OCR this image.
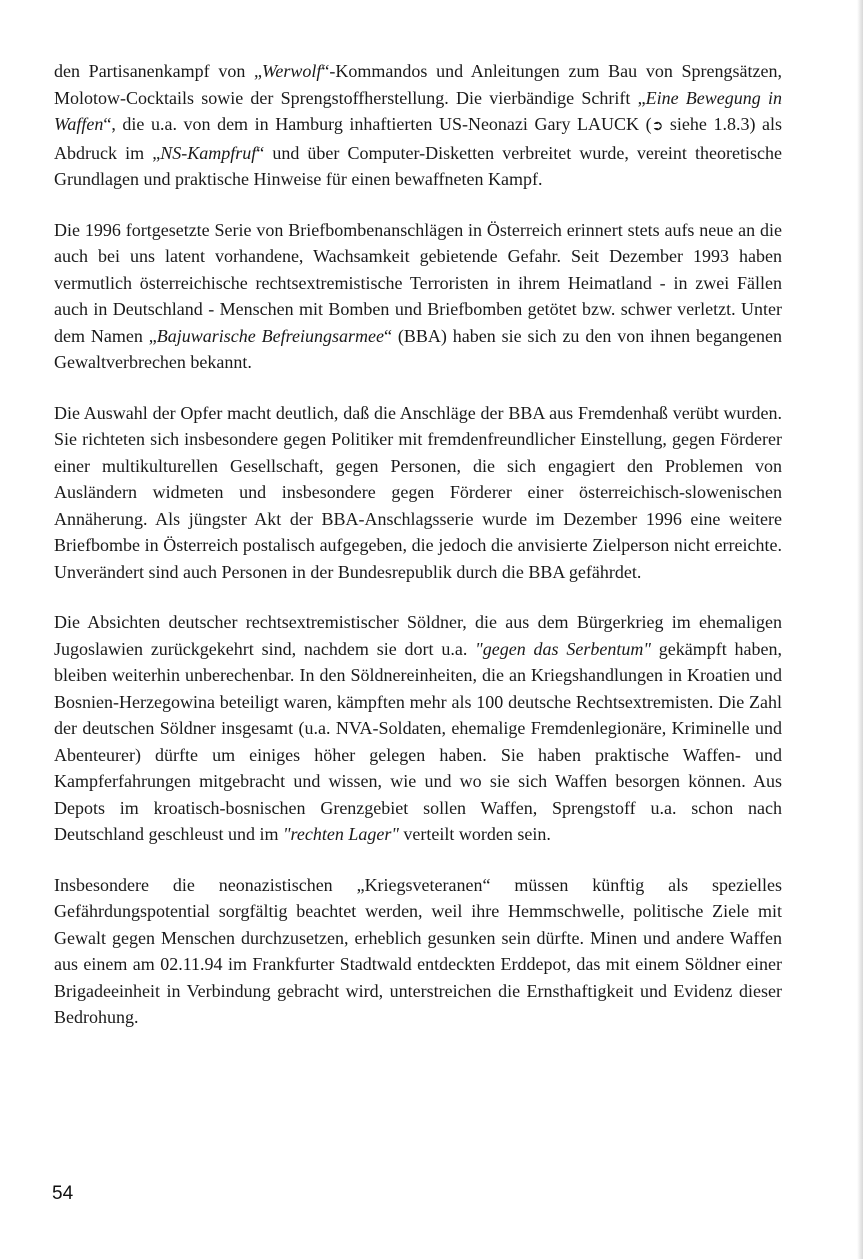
den Partisanenkampf von „Werwolf“-Kommandos und Anleitungen zum Bau von Sprengsätzen, Molotow-Cocktails sowie der Sprengstoffherstellung. Die vierbändige Schrift „Eine Bewegung in Waffen“, die u.a. von dem in Hamburg inhaftierten US-Neonazi Gary LAUCK (➲ siehe 1.8.3) als Abdruck im „NS-Kampfruf“ und über Computer-Disketten verbreitet wurde, vereint theoretische Grundlagen und praktische Hinweise für einen bewaffneten Kampf.

Die 1996 fortgesetzte Serie von Briefbombenanschlägen in Österreich erinnert stets aufs neue an die auch bei uns latent vorhandene, Wachsamkeit gebietende Gefahr. Seit Dezember 1993 haben vermutlich österreichische rechtsextremistische Terroristen in ihrem Heimatland - in zwei Fällen auch in Deutschland - Menschen mit Bomben und Briefbomben getötet bzw. schwer verletzt. Unter dem Namen „Bajuwarische Befreiungsarmee“ (BBA) haben sie sich zu den von ihnen begangenen Gewaltverbrechen bekannt.

Die Auswahl der Opfer macht deutlich, daß die Anschläge der BBA aus Fremdenhaß verübt wurden. Sie richteten sich insbesondere gegen Politiker mit fremdenfreundlicher Einstellung, gegen Förderer einer multikulturellen Gesellschaft, gegen Personen, die sich engagiert den Problemen von Ausländern widmeten und insbesondere gegen Förderer einer österreichisch-slowenischen Annäherung. Als jüngster Akt der BBA-Anschlagsserie wurde im Dezember 1996 eine weitere Briefbombe in Österreich postalisch aufgegeben, die jedoch die anvisierte Zielperson nicht erreichte. Unverändert sind auch Personen in der Bundesrepublik durch die BBA gefährdet.

Die Absichten deutscher rechtsextremistischer Söldner, die aus dem Bürgerkrieg im ehemaligen Jugoslawien zurückgekehrt sind, nachdem sie dort u.a. "gegen das Serbentum" gekämpft haben, bleiben weiterhin unberechenbar. In den Söldnereinheiten, die an Kriegshandlungen in Kroatien und Bosnien-Herzegowina beteiligt waren, kämpften mehr als 100 deutsche Rechtsextremisten. Die Zahl der deutschen Söldner insgesamt (u.a. NVA-Soldaten, ehemalige Fremdenlegionäre, Kriminelle und Abenteurer) dürfte um einiges höher gelegen haben. Sie haben praktische Waffen- und Kampferfahrungen mitgebracht und wissen, wie und wo sie sich Waffen besorgen können. Aus Depots im kroatisch-bosnischen Grenzgebiet sollen Waffen, Sprengstoff u.a. schon nach Deutschland geschleust und im "rechten Lager" verteilt worden sein.

Insbesondere die neonazistischen „Kriegsveteranen“ müssen künftig als spezielles Gefährdungspotential sorgfältig beachtet werden, weil ihre Hemmschwelle, politische Ziele mit Gewalt gegen Menschen durchzusetzen, erheblich gesunken sein dürfte. Minen und andere Waffen aus einem am 02.11.94 im Frankfurter Stadtwald entdeckten Erddepot, das mit einem Söldner einer Brigadeeinheit in Verbindung gebracht wird, unterstreichen die Ernsthaftigkeit und Evidenz dieser Bedrohung.

54
